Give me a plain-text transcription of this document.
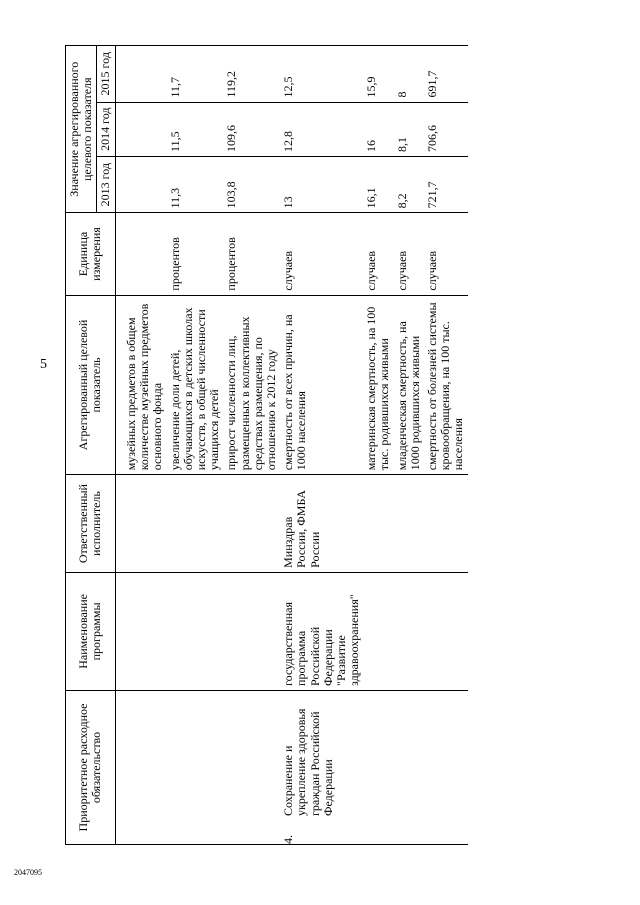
5
2047095
Приоритетное расходное обязательство	Наименование программы	Ответственный исполнитель	Агрегированный целевой показатель	Единица измерения	Значение агрегированного целевого показателя		
					2013 год	2014 год	2015 год

			музейных предметов в общем количестве музейных предметов основного фонда				
			увеличение доли детей, обучающихся в детских школах искусств, в общей численности учащихся детей	процентов	11,3	11,5	11,7
			прирост численности лиц, размещенных в коллективных средствах размещения, по отношению к 2012 году	процентов	103,8	109,6	119,2
4.Сохранение и укрепление здоровья граждан Российской Федерации	государственная программа Российской Федерации "Развитие здравоохранения"	Минздрав России, ФМБА России	смертность от всех причин, на 1000 населения	случаев	13	12,8	12,5
			материнская смертность, на 100 тыс. родившихся живыми	случаев	16,1	16	15,9
			младенческая смертность, на 1000 родившихся живыми	случаев	8,2	8,1	8
			смертность от болезней системы кровообращения, на 100 тыс. населения	случаев	721,7	706,6	691,7
